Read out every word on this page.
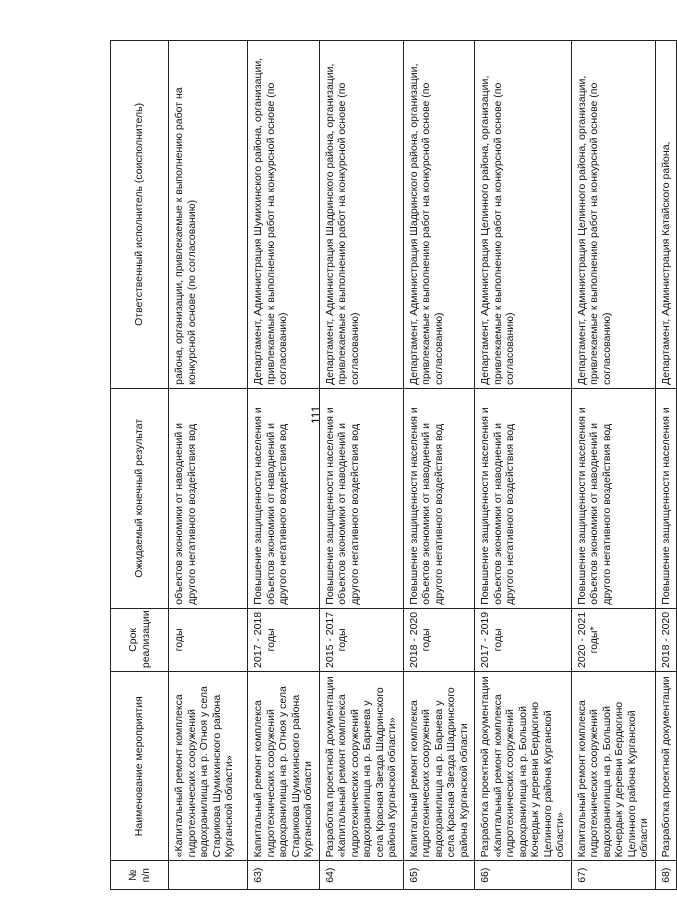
111
№ п/п	Наименование мероприятия	Срок реализации	Ожидаемый конечный результат	Ответственный исполнитель (соисполнитель)
	«Капитальный ремонт комплекса гидротехнических сооружений водохранилища на р. Отноя у села Старикова Шумихинского района Курганской области»	годы	объектов экономики от наводнений и другого негативного воздействия вод	района, организации, привлекаемые к выполнению работ на конкурсной основе (по согласованию)
63)	Капитальный ремонт комплекса гидротехнических сооружений водохранилища на р. Отноя у села Старикова Шумихинского района Курганской области	2017 - 2018 годы	Повышение защищенности населения и объектов экономики от наводнений и другого негативного воздействия вод	Департамент, Администрация Шумихинского района, организации, привлекаемые к выполнению работ на конкурсной основе (по согласованию)
64)	Разработка проектной документации «Капитальный ремонт комплекса гидротехнических сооружений водохранилища на р. Барнева у села Красная Звезда Шадринского района Курганской области»	2015 - 2017 годы	Повышение защищенности населения и объектов экономики от наводнений и другого негативного воздействия вод	Департамент, Администрация Шадринского района, организации, привлекаемые к выполнению работ на конкурсной основе (по согласованию)
65)	Капитальный ремонт комплекса гидротехнических сооружений водохранилища на р. Барнева у села Красная Звезда Шадринского района Курганской области	2018 - 2020 годы	Повышение защищенности населения и объектов экономики от наводнений и другого негативного воздействия вод	Департамент, Администрация Шадринского района, организации, привлекаемые к выполнению работ на конкурсной основе (по согласованию)
66)	Разработка проектной документации «Капитальный ремонт комплекса гидротехнических сооружений водохранилища на р. Большой Кочердык у деревни Бердюгино Целинного района Курганской области»	2017 - 2019 годы	Повышение защищенности населения и объектов экономики от наводнений и другого негативного воздействия вод	Департамент, Администрация Целинного района, организации, привлекаемые к выполнению работ на конкурсной основе (по согласованию)
67)	Капитальный ремонт комплекса гидротехнических сооружений водохранилища на р. Большой Кочердык у деревни Бердюгино Целинного района Курганской области	2020 - 2021 годы*	Повышение защищенности населения и объектов экономики от наводнений и другого негативного воздействия вод	Департамент, Администрация Целинного района, организации, привлекаемые к выполнению работ на конкурсной основе (по согласованию)
68)	Разработка проектной документации	2018 - 2020	Повышение защищенности населения и	Департамент, Администрация Катайского района,
